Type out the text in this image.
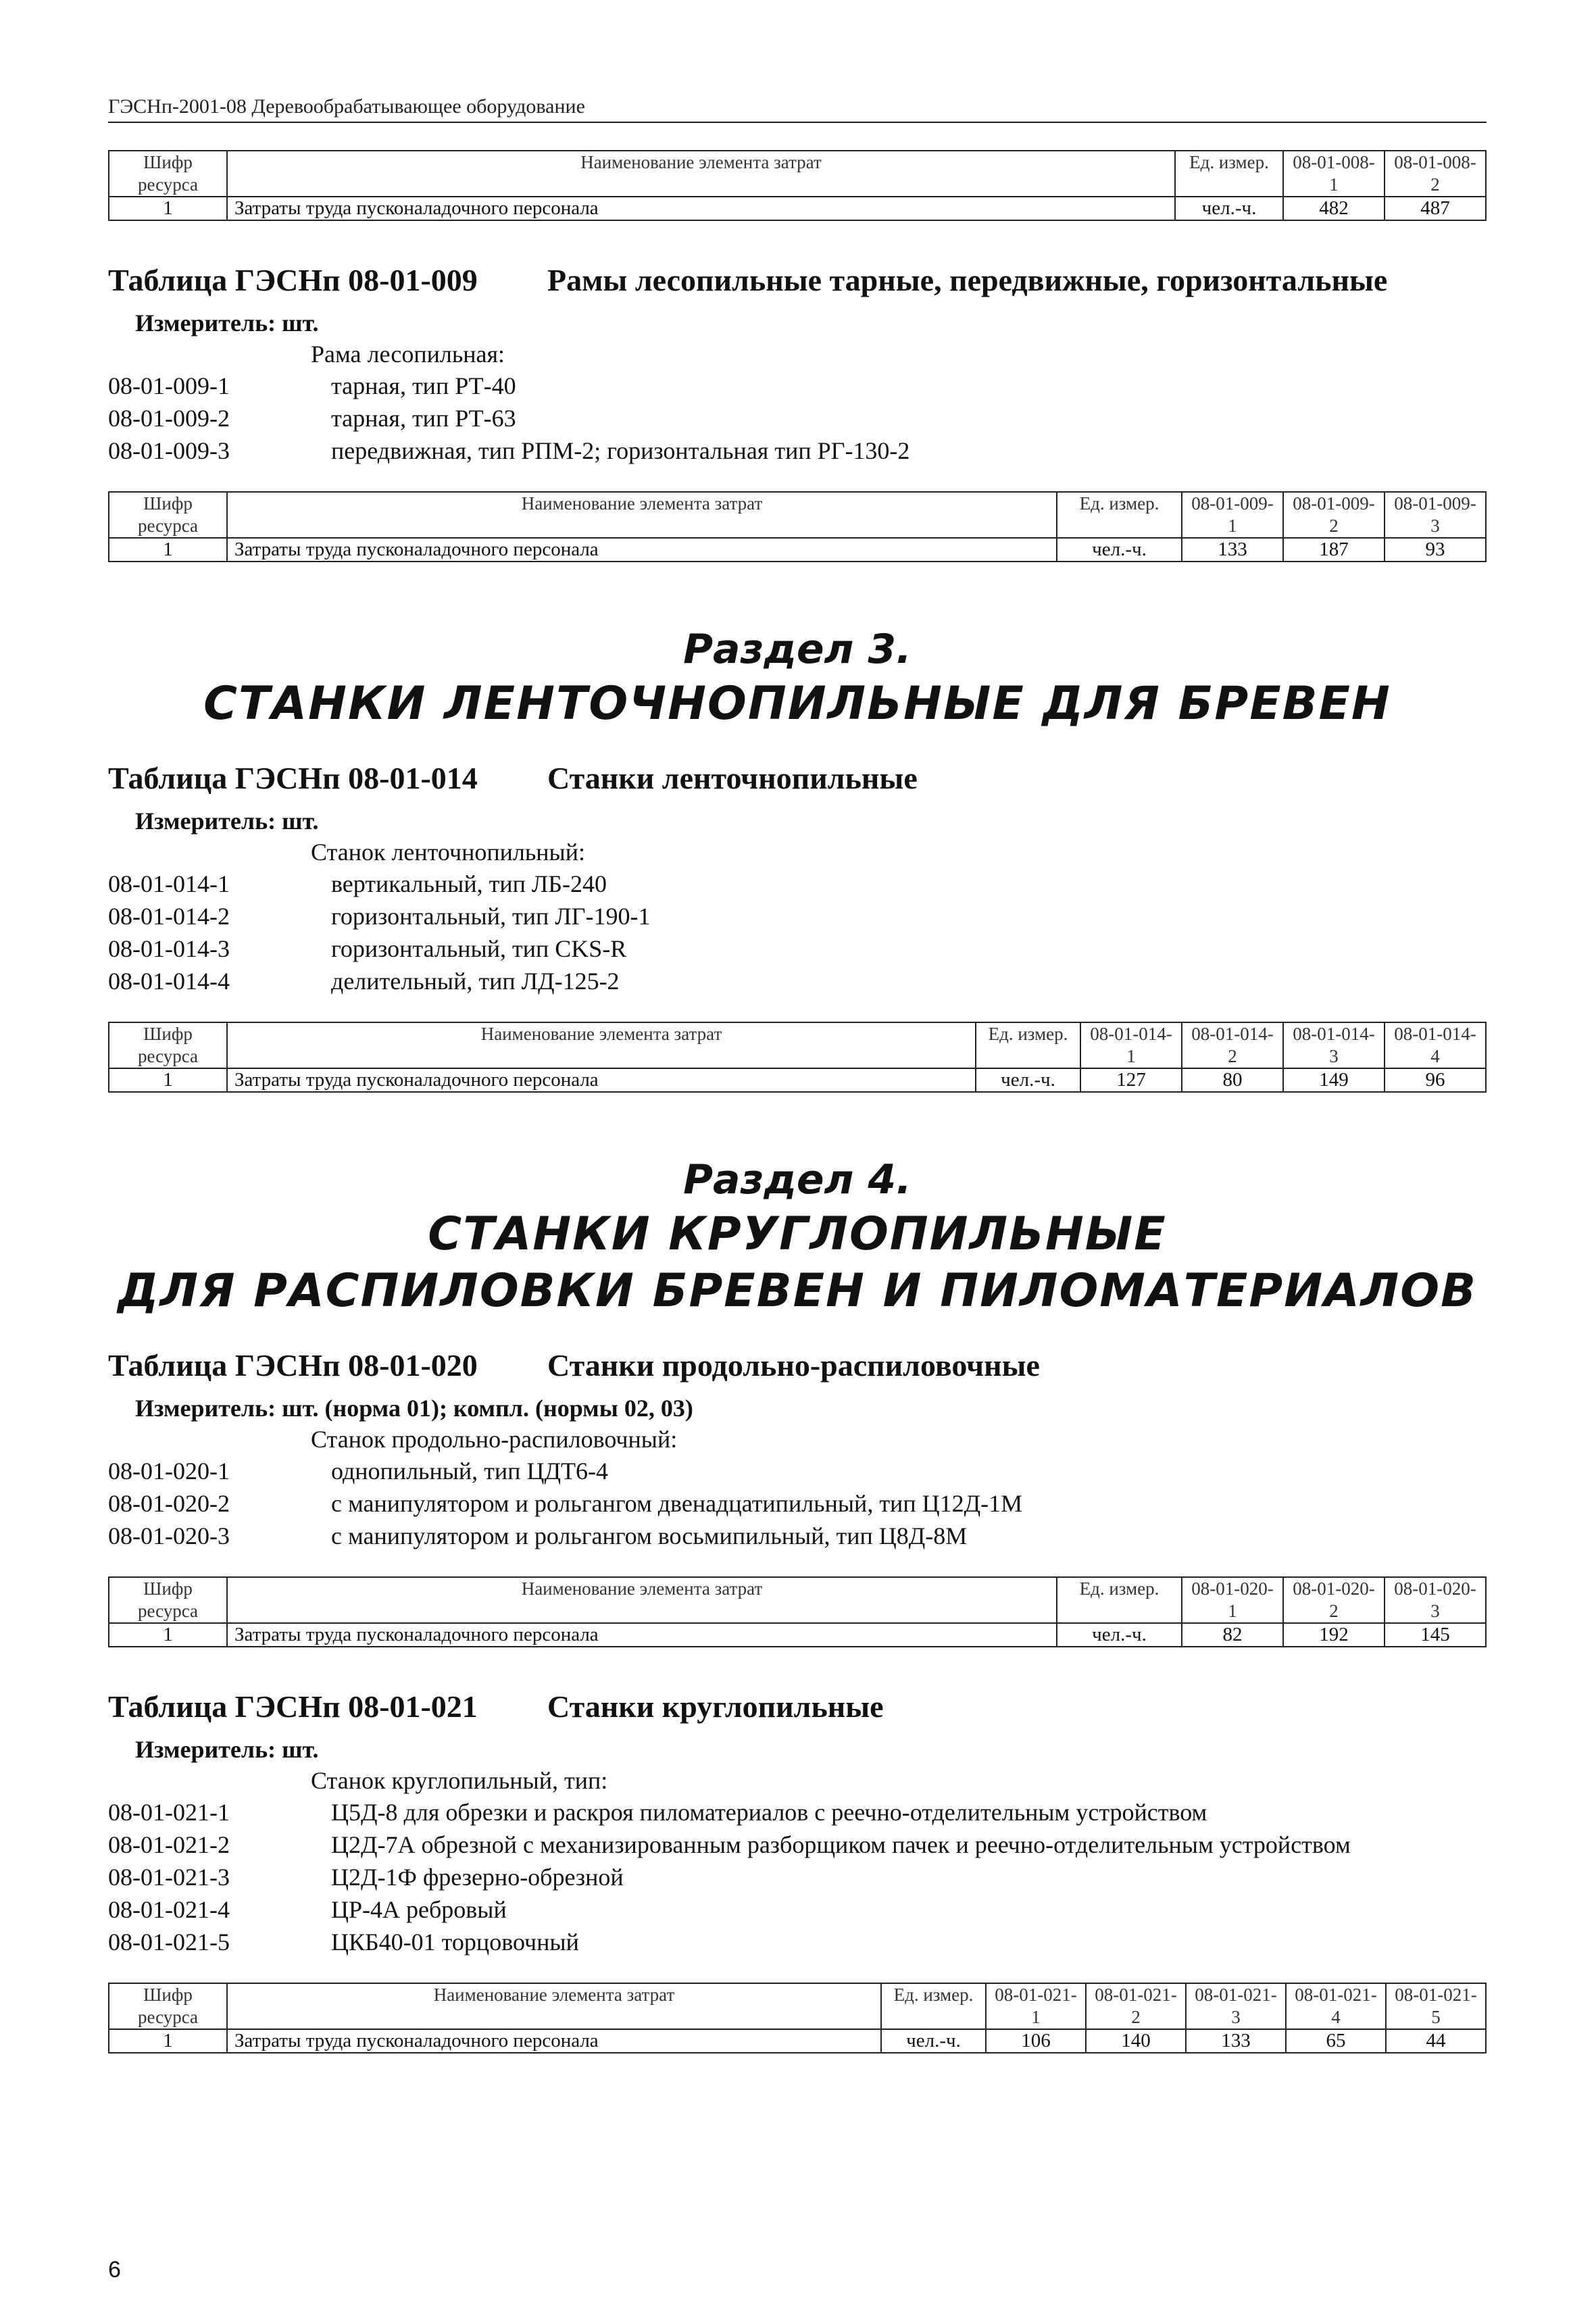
ГЭСНп-2001-08 Деревообрабатывающее оборудование
Шифр ресурса	Наименование элемента затрат	Ед. измер.	08-01-008-1	08-01-008-2
1	Затраты труда пусконаладочного персонала	чел.-ч.	482	487
Таблица ГЭСНп 08-01-009 Рамы лесопильные тарные, передвижные, горизонтальные
Измеритель: шт.
Рама лесопильная:
08-01-009-1	тарная, тип РТ-40
08-01-009-2	тарная, тип РТ-63
08-01-009-3	передвижная, тип РПМ-2; горизонтальная тип РГ-130-2
Шифр ресурса	Наименование элемента затрат	Ед. измер.	08-01-009-1	08-01-009-2	08-01-009-3
1	Затраты труда пусконаладочного персонала	чел.-ч.	133	187	93
Раздел 3.
СТАНКИ ЛЕНТОЧНОПИЛЬНЫЕ ДЛЯ БРЕВЕН
Таблица ГЭСНп 08-01-014 Станки ленточнопильные
Измеритель: шт.
Станок ленточнопильный:
08-01-014-1	вертикальный, тип ЛБ-240
08-01-014-2	горизонтальный, тип ЛГ-190-1
08-01-014-3	горизонтальный, тип CKS-R
08-01-014-4	делительный, тип ЛД-125-2
Шифр ресурса	Наименование элемента затрат	Ед. измер.	08-01-014-1	08-01-014-2	08-01-014-3	08-01-014-4
1	Затраты труда пусконаладочного персонала	чел.-ч.	127	80	149	96
Раздел 4.
СТАНКИ КРУГЛОПИЛЬНЫЕ
ДЛЯ РАСПИЛОВКИ БРЕВЕН И ПИЛОМАТЕРИАЛОВ
Таблица ГЭСНп 08-01-020 Станки продольно-распиловочные
Измеритель: шт. (норма 01); компл. (нормы 02, 03)
Станок продольно-распиловочный:
08-01-020-1	однопильный, тип ЦДТ6-4
08-01-020-2	с манипулятором и рольгангом двенадцатипильный, тип Ц12Д-1М
08-01-020-3	с манипулятором и рольгангом восьмипильный, тип Ц8Д-8М
Шифр ресурса	Наименование элемента затрат	Ед. измер.	08-01-020-1	08-01-020-2	08-01-020-3
1	Затраты труда пусконаладочного персонала	чел.-ч.	82	192	145
Таблица ГЭСНп 08-01-021 Станки круглопильные
Измеритель: шт.
Станок круглопильный, тип:
08-01-021-1	Ц5Д-8 для обрезки и раскроя пиломатериалов с реечно-отделительным устройством
08-01-021-2	Ц2Д-7А обрезной с механизированным разборщиком пачек и реечно-отделительным устройством
08-01-021-3	Ц2Д-1Ф фрезерно-обрезной
08-01-021-4	ЦР-4А ребровый
08-01-021-5	ЦКБ40-01 торцовочный
Шифр ресурса	Наименование элемента затрат	Ед. измер.	08-01-021-1	08-01-021-2	08-01-021-3	08-01-021-4	08-01-021-5
1	Затраты труда пусконаладочного персонала	чел.-ч.	106	140	133	65	44
6
